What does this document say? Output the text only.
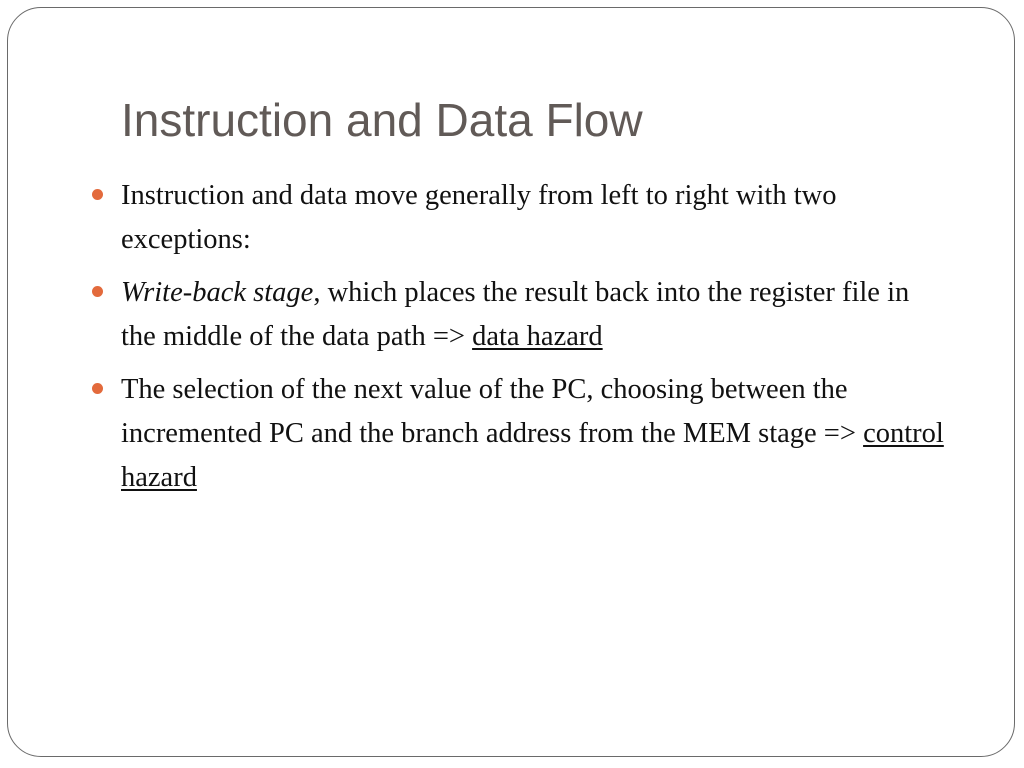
Instruction and Data Flow
Instruction and data move generally from left to right with two exceptions:
Write-back stage, which places the result back into the register file in the middle of the data path => data hazard
The selection of the next value of the PC, choosing between the incremented PC and the branch address from the MEM stage => control hazard
